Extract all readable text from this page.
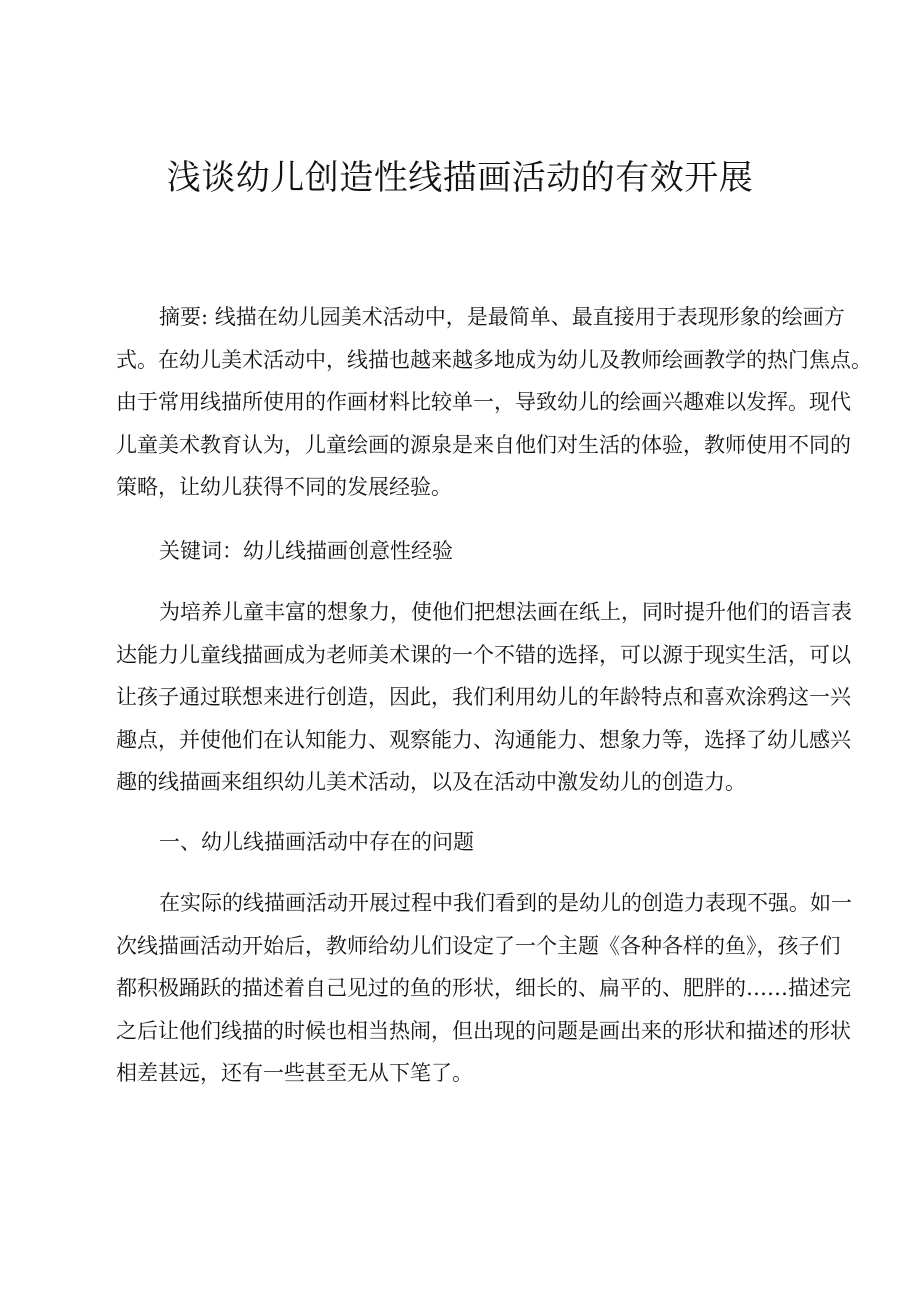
浅谈幼儿创造性线描画活动的有效开展
摘要: 线描在幼儿园美术活动中，是最简单、最直接用于表现形象的绘画方
式。在幼儿美术活动中，线描也越来越多地成为幼儿及教师绘画教学的热门焦点。
由于常用线描所使用的作画材料比较单一，导致幼儿的绘画兴趣难以发挥。现代
儿童美术教育认为，儿童绘画的源泉是来自他们对生活的体验，教师使用不同的
策略，让幼儿获得不同的发展经验。
关键词：幼儿线描画创意性经验
为培养儿童丰富的想象力，使他们把想法画在纸上，同时提升他们的语言表
达能力儿童线描画成为老师美术课的一个不错的选择，可以源于现实生活，可以
让孩子通过联想来进行创造，因此，我们利用幼儿的年龄特点和喜欢涂鸦这一兴
趣点，并使他们在认知能力、观察能力、沟通能力、想象力等，选择了幼儿感兴
趣的线描画来组织幼儿美术活动，以及在活动中激发幼儿的创造力。
一、幼儿线描画活动中存在的问题
在实际的线描画活动开展过程中我们看到的是幼儿的创造力表现不强。如一
次线描画活动开始后，教师给幼儿们设定了一个主题《各种各样的鱼》，孩子们
都积极踊跃的描述着自己见过的鱼的形状，细长的、扁平的、肥胖的……描述完
之后让他们线描的时候也相当热闹，但出现的问题是画出来的形状和描述的形状
相差甚远，还有一些甚至无从下笔了。
